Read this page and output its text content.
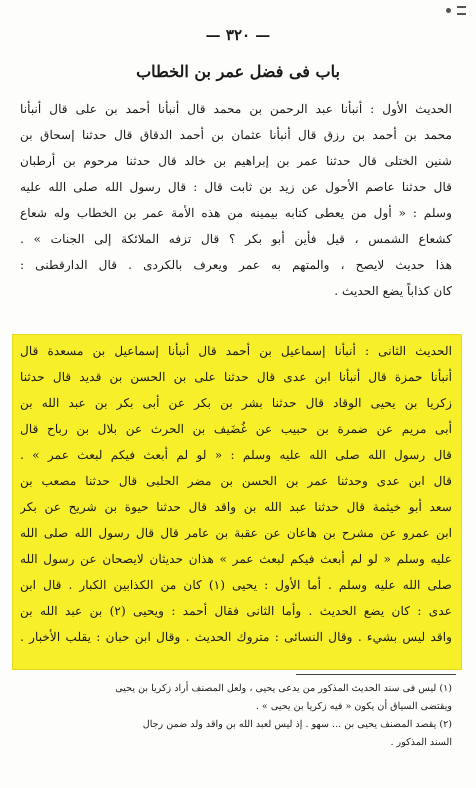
— ٣٢٠ —
باب فى فضل عمر بن الخطاب
الحديث الأول : أنبأنا عبد الرحمن بن محمد قال أنبأنا أحمد بن على قال أنبأنا
محمد بن أحمد بن رزق قال أنبأنا عثمان بن أحمد الدقاق قال حدثنا إسحاق بن
شنين الختلى قال حدثنا عمر بن إبراهيم بن خالد قال حدثنا مرحوم بن أرطبان
قال حدثنا عاصم الأحول عن زيد بن ثابت قال : قال رسول الله صلى الله عليه
وسلم : « أول من يعطى كتابه بيمينه من هذه الأمة عمر بن الخطاب وله شعاع
كشعاع الشمس ، قيل فأين أبو بكر ؟ قال تزفه الملائكة إلى الجنات » .
هذا حديث لايصح ، والمتهم به عمر ويعرف بالكردى . قال الدارقطنى :
كان كذاباً يضع الحديث .
الحديث الثانى : أنبأنا إسماعيل بن أحمد قال أنبأنا إسماعيل بن مسعدة قال
أنبأنا حمزة قال أنبأنا ابن عدى قال حدثنا على بن الحسن بن قديد قال حدثنا
زكريا بن يحيى الوقاد قال حدثنا بشر بن بكر عن أبى بكر بن عبد الله بن
أبى مريم عن ضمرة بن حبيب عن غُضَيف بن الحرث عن بلال بن رباح قال
قال رسول الله صلى الله عليه وسلم : « لو لم أبعث فيكم لبعث عمر » .
قال ابن عدى وحدثنا عمر بن الحسن بن مضر الحلبى قال حدثنا مصعب بن
سعد أبو خيثمة قال حدثنا عبد الله بن واقد قال حدثنا حيوة بن شريح عن بكر
ابن عمرو عن مشرح بن هاعان عن عقبة بن عامر قال قال رسول الله صلى الله
عليه وسلم « لو لم أبعث فيكم لبعث عمر » هذان حديثان لايصحان عن رسول الله
صلى الله عليه وسلم . أما الأول : يحيى (١) كان من الكذابين الكبار . قال ابن
عدى : كان يضع الحديث . وأما الثانى فقال أحمد : ويحيى (٢) بن عبد الله بن
واقد ليس بشيء . وقال النسائى : متروك الحديث . وقال ابن حبان : يقلب الأخبار .
(١) ليس فى سند الحديث المذكور من يدعى يحيى ، ولعل المصنف أراد زكريا بن يحيى
ويقتضى السياق أن يكون « فيه زكريا بن يحيى » .
(٢) يقصد المصنف يحيى بن ... سهو . إذ ليس لعبد الله بن واقد ولد ضمن رجال
السند المذكور .
